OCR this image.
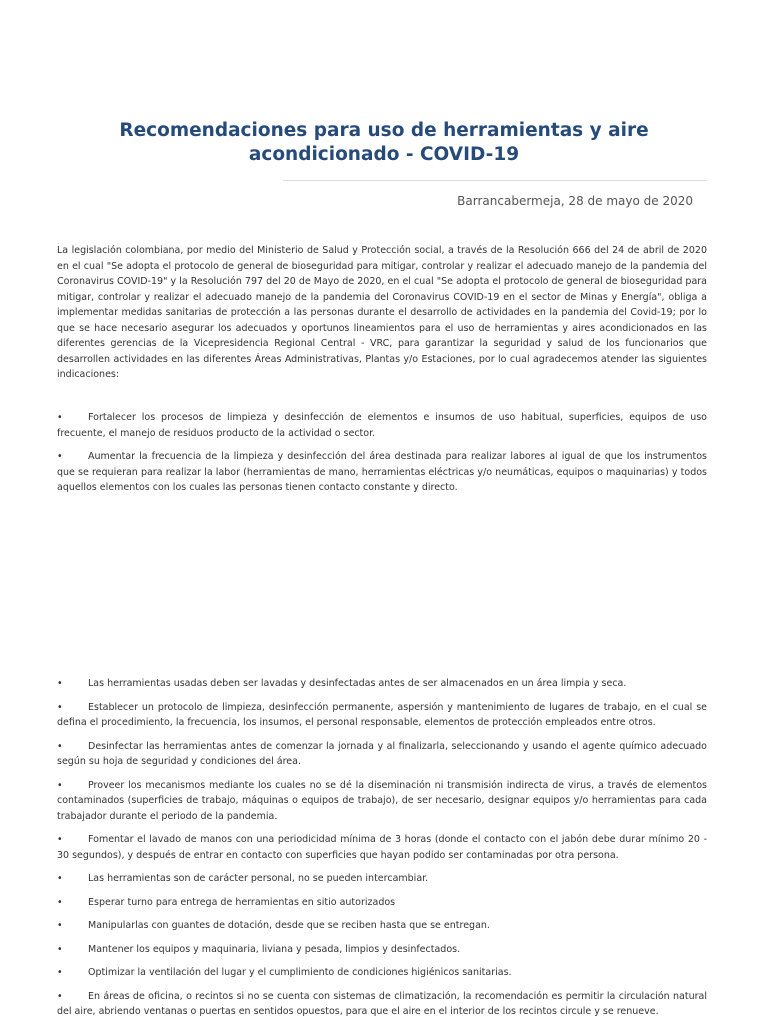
Recomendaciones para uso de herramientas y aire acondicionado - COVID-19
Barrancabermeja, 28 de mayo de 2020

La legislación colombiana, por medio del Ministerio de Salud y Protección social, a través de la Resolución 666 del 24 de abril de 2020 en el cual "Se adopta el protocolo de general de bioseguridad para mitigar, controlar y realizar el adecuado manejo de la pandemia del Coronavirus COVID-19" y la Resolución 797 del 20 de Mayo de 2020, en el cual "Se adopta el protocolo de general de bioseguridad para mitigar, controlar y realizar el adecuado manejo de la pandemia del Coronavirus COVID-19 en el sector de Minas y Energía", obliga a implementar medidas sanitarias de protección a las personas durante el desarrollo de actividades en la pandemia del Covid-19; por lo que se hace necesario asegurar los adecuados y oportunos lineamientos para el uso de herramientas y aires acondicionados en las diferentes gerencias de la Vicepresidencia Regional Central - VRC, para garantizar la seguridad y salud de los funcionarios que desarrollen actividades en las diferentes Áreas Administrativas, Plantas y/o Estaciones, por lo cual agradecemos atender las siguientes indicaciones:

•	Fortalecer los procesos de limpieza y desinfección de elementos e insumos de uso habitual, superficies, equipos de uso frecuente, el manejo de residuos producto de la actividad o sector.

•	Aumentar la frecuencia de la limpieza y desinfección del área destinada para realizar labores al igual de que los instrumentos que se requieran para realizar la labor (herramientas de mano, herramientas eléctricas y/o neumáticas, equipos o maquinarias) y todos aquellos elementos con los cuales las personas tienen contacto constante y directo.

•	Las herramientas usadas deben ser lavadas y desinfectadas antes de ser almacenados en un área limpia y seca.

•	Establecer un protocolo de limpieza, desinfección permanente, aspersión y mantenimiento de lugares de trabajo, en el cual se defina el procedimiento, la frecuencia, los insumos, el personal responsable, elementos de protección empleados entre otros.

•	Desinfectar las herramientas antes de comenzar la jornada y al finalizarla, seleccionando y usando el agente químico adecuado según su hoja de seguridad y condiciones del área.

•	Proveer los mecanismos mediante los cuales no se dé la diseminación ni transmisión indirecta de virus, a través de elementos contaminados (superficies de trabajo, máquinas o equipos de trabajo), de ser necesario, designar equipos y/o herramientas para cada trabajador durante el periodo de la pandemia.

•	Fomentar el lavado de manos con una periodicidad mínima de 3 horas (donde el contacto con el jabón debe durar mínimo 20 - 30 segundos), y después de entrar en contacto con superficies que hayan podido ser contaminadas por otra persona.

•	Las herramientas son de carácter personal, no se pueden intercambiar.

•	Esperar turno para entrega de herramientas en sitio autorizados

•	Manipularlas con guantes de dotación, desde que se reciben hasta que se entregan.

•	Mantener los equipos y maquinaria, liviana y pesada, limpios y desinfectados.

•	Optimizar la ventilación del lugar y el cumplimiento de condiciones higiénicos sanitarias.

•	En áreas de oficina, o recintos si no se cuenta con sistemas de climatización, la recomendación es permitir la circulación natural del aire, abriendo ventanas o puertas en sentidos opuestos, para que el aire en el interior de los recintos circule y se renueve.
